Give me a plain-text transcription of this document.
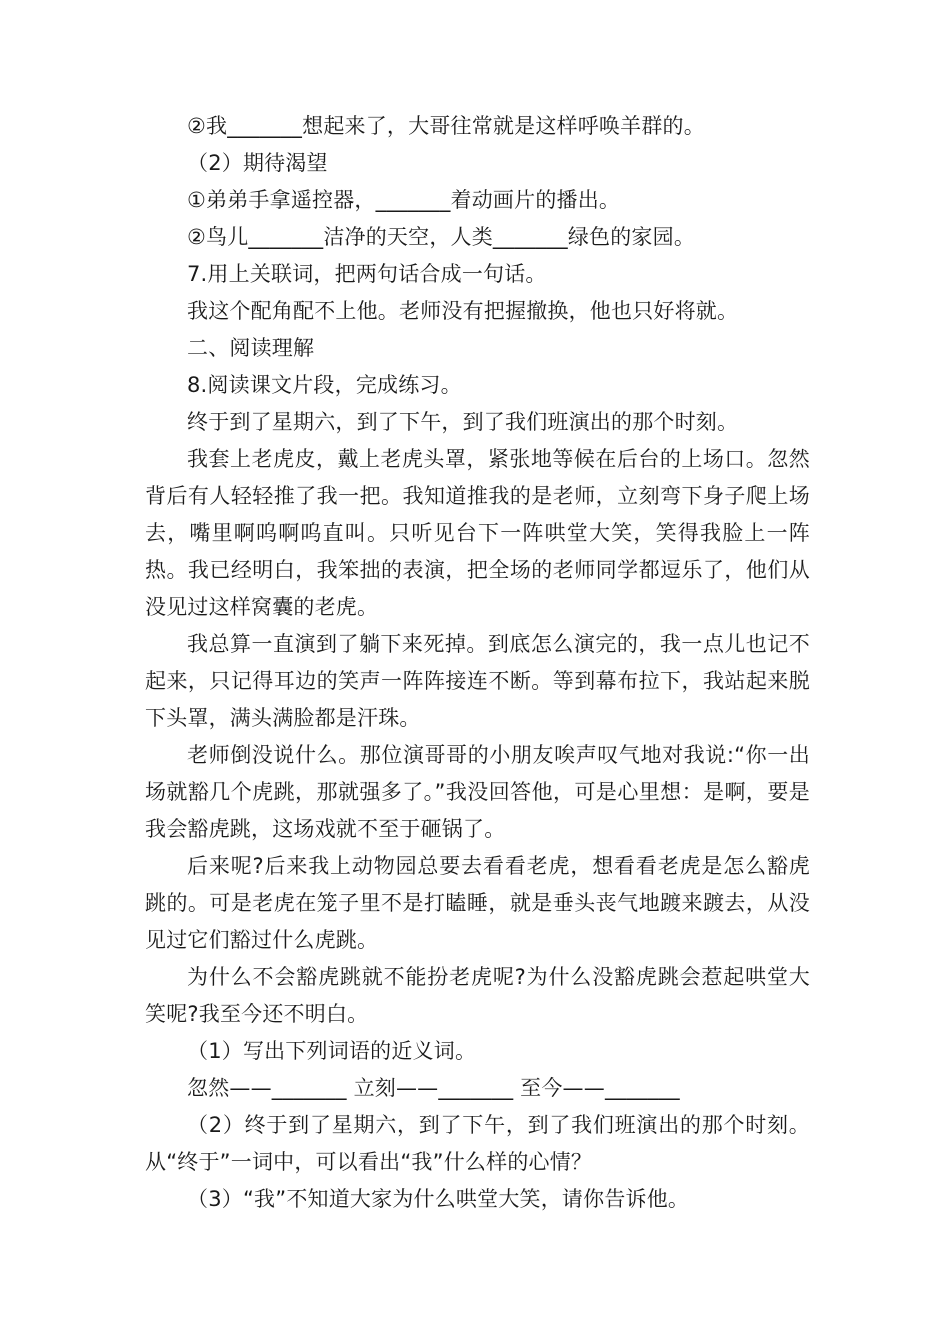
②我_______想起来了，大哥往常就是这样呼唤羊群的。
（2）期待渴望
①弟弟手拿遥控器，_______着动画片的播出。
②鸟儿_______洁净的天空，人类_______绿色的家园。
7.用上关联词，把两句话合成一句话。
我这个配角配不上他。老师没有把握撤换，他也只好将就。
二、阅读理解
8.阅读课文片段，完成练习。
终于到了星期六，到了下午，到了我们班演出的那个时刻。
我套上老虎皮，戴上老虎头罩，紧张地等候在后台的上场口。忽然背后有人轻轻推了我一把。我知道推我的是老师，立刻弯下身子爬上场去，嘴里啊呜啊呜直叫。只听见台下一阵哄堂大笑，笑得我脸上一阵热。我已经明白，我笨拙的表演，把全场的老师同学都逗乐了，他们从没见过这样窝囊的老虎。
我总算一直演到了躺下来死掉。到底怎么演完的，我一点儿也记不起来，只记得耳边的笑声一阵阵接连不断。等到幕布拉下，我站起来脱下头罩，满头满脸都是汗珠。
老师倒没说什么。那位演哥哥的小朋友唉声叹气地对我说:“你一出场就豁几个虎跳，那就强多了。”我没回答他，可是心里想：是啊，要是我会豁虎跳，这场戏就不至于砸锅了。
后来呢?后来我上动物园总要去看看老虎，想看看老虎是怎么豁虎跳的。可是老虎在笼子里不是打瞌睡，就是垂头丧气地踱来踱去，从没见过它们豁过什么虎跳。
为什么不会豁虎跳就不能扮老虎呢?为什么没豁虎跳会惹起哄堂大笑呢?我至今还不明白。
（1）写出下列词语的近义词。
忽然——_______ 立刻——_______ 至今——_______
（2）终于到了星期六，到了下午，到了我们班演出的那个时刻。从“终于”一词中，可以看出“我”什么样的心情？
（3）“我”不知道大家为什么哄堂大笑，请你告诉他。
